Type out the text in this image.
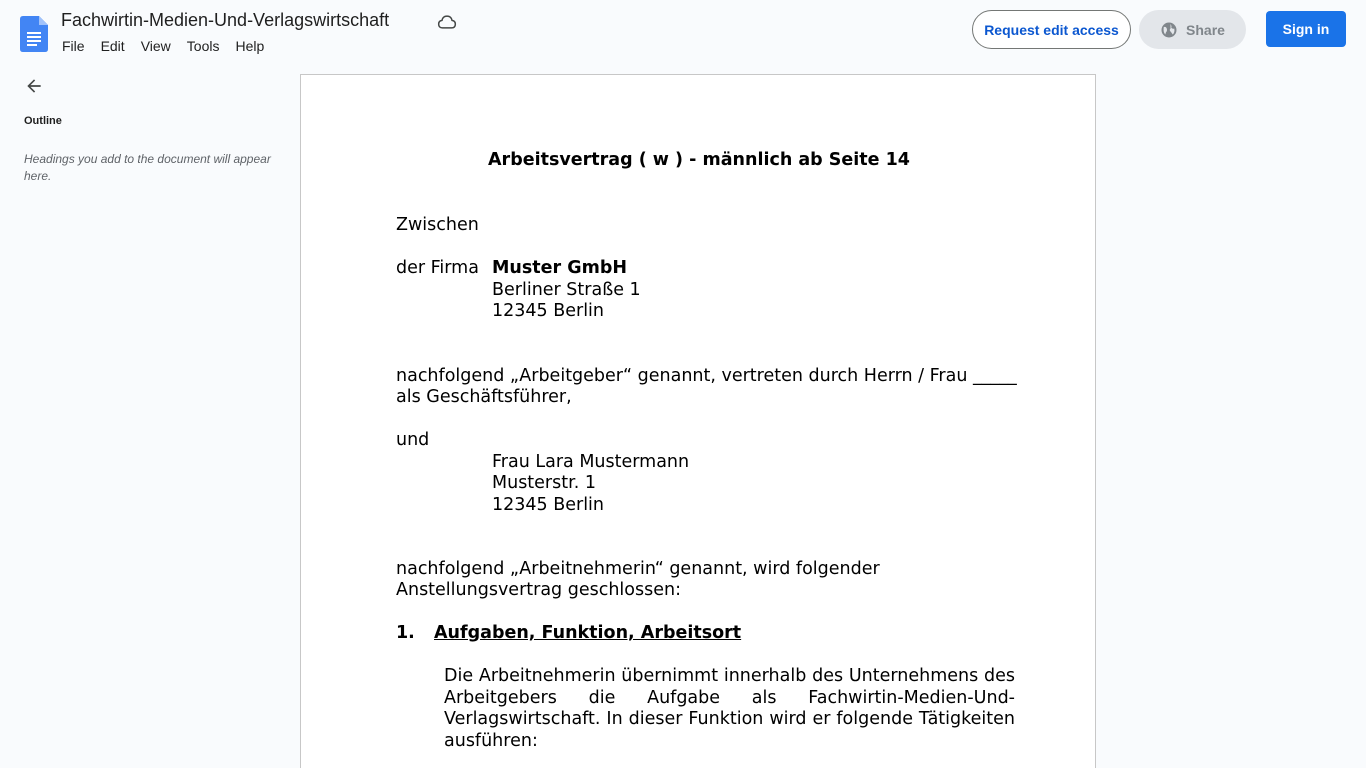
Fachwirtin-Medien-Und-Verlagswirtschaft
File	Edit	View	Tools	Help
Request edit access	Share	Sign in
Outline
Headings you add to the document will appear here.
Arbeitsvertrag ( w ) - männlich ab Seite 14
Zwischen
der Firma Muster GmbH
Berliner Straße 1
12345 Berlin
nachfolgend „Arbeitgeber“ genannt, vertreten durch Herrn / Frau _____
als Geschäftsführer,
und
Frau Lara Mustermann
Musterstr. 1
12345 Berlin
nachfolgend „Arbeitnehmerin“ genannt, wird folgender
Anstellungsvertrag geschlossen:
1. Aufgaben, Funktion, Arbeitsort
Die Arbeitnehmerin übernimmt innerhalb des Unternehmens des Arbeitgebers die Aufgabe als Fachwirtin-Medien-Und-Verlagswirtschaft. In dieser Funktion wird er folgende Tätigkeiten ausführen:
